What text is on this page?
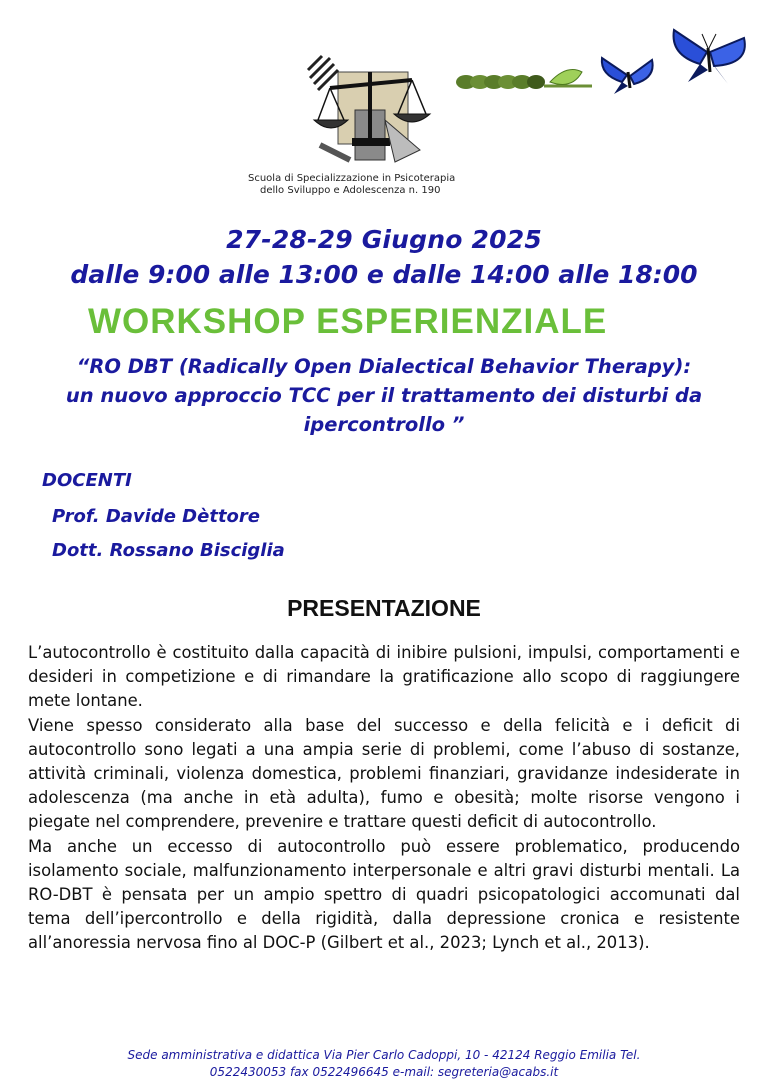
Scuola di Specializzazione in Psicoterapia
dello Sviluppo e Adolescenza n. 190
27-28-29 Giugno 2025
dalle 9:00 alle 13:00 e dalle 14:00 alle 18:00
WORKSHOP ESPERIENZIALE
“RO DBT (Radically Open Dialectical Behavior Therapy):
un nuovo approccio TCC per il trattamento dei disturbi da
ipercontrollo ”
DOCENTI
Prof. Davide Dèttore
Dott. Rossano Bisciglia
PRESENTAZIONE

L’autocontrollo è costituito dalla capacità di inibire pulsioni, impulsi, comportamenti e desideri in competizione e di rimandare la gratificazione allo scopo di raggiungere mete lontane.

Viene spesso considerato alla base del successo e della felicità e i deficit di autocontrollo sono legati a una ampia serie di problemi, come l’abuso di sostanze, attività criminali, violenza domestica, problemi finanziari, gravidanze indesiderate in adolescenza (ma anche in età adulta), fumo e obesità; molte risorse vengono i piegate nel comprendere, prevenire e trattare questi deficit di autocontrollo.

Ma anche un eccesso di autocontrollo può essere problematico, producendo isolamento sociale, malfunzionamento interpersonale e altri gravi disturbi mentali. La RO-DBT è pensata per un ampio spettro di quadri psicopatologici accomunati dal tema dell’ipercontrollo e della rigidità, dalla depressione cronica e resistente all’anoressia nervosa fino al DOC-P (Gilbert et al., 2023; Lynch et al., 2013).

Sede amministrativa e didattica Via Pier Carlo Cadoppi, 10 - 42124 Reggio Emilia Tel.
0522430053 fax 0522496645 e-mail: segreteria@acabs.it
